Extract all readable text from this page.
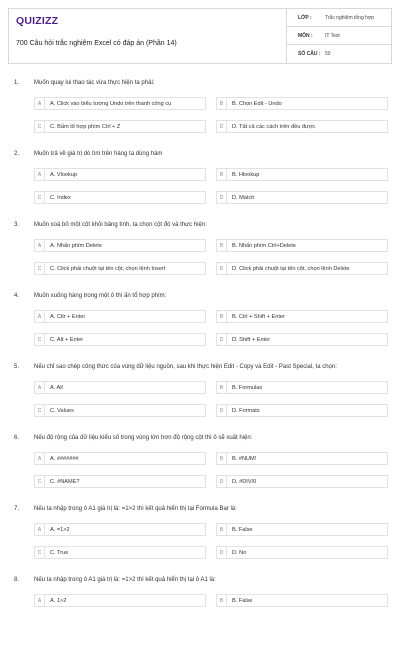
QUIZIZZ
700 Câu hỏi trắc nghiệm Excel có đáp án (Phần 14)
LỚP :	Trắc nghiệm tổng hợp
MÔN :	IT Test
SỐ CÂU : 50
1. Muốn quay lui thao tác vừa thực hiện ta phải:
A	A. Click vào biểu tượng Undo trên thanh công cụ	B	B. Chọn Edit - Undo
C	C. Bấm tổ hợp phím Ctrl + Z	D	D. Tất cả các cách trên đều được
2. Muốn trả về giá trị dò tìm trên hàng ta dùng hàm
A	A. Vlookup	B	B. Hlookup
C	C. Index	D	D. Match
3. Muốn xoá bỏ một cột khỏi bảng tính, ta chọn cột đó và thực hiện:
A	A. Nhấn phím Delete	B	B. Nhấn phím Ctrl+Delete
C	C. Click phải chuột tại tên cột, chọn lệnh Insert	D	D. Click phải chuột tại tên cột, chọn lệnh Delete
4. Muốn xuống hàng trong một ô thì ấn tổ hợp phím:
A	A. Ctlr + Enter	B	B. Ctrl + Shift + Enter
C	C. Alt + Enter	D	D. Shift + Enter
5. Nếu chỉ sao chép công thức của vùng dữ liệu nguồn, sau khi thực hiện Edit - Copy và Edit - Past Special, ta chọn:
A	A. All	B	B. Formulas
C	C. Values	D	D. Formats
6. Nếu độ rộng của dữ liệu kiểu số trong vùng lớn hơn độ rộng cột thì ô sẽ xuất hiện:
A	A. #######	B	B. #NUM!
C	C. #NAME?	D	D. #DIV/0
7. Nếu ta nhập trong ô A1 giá trị là: =1>2 thì kết quả hiển thị tại Formula Bar là:
A	A. =1>2	B	B. False
C	C. True	D	D. No
8. Nếu ta nhập trong ô A1 giá trị là: =1>2 thì kết quả hiển thị tại ô A1 là:
A	A. 1>2	B	B. False
